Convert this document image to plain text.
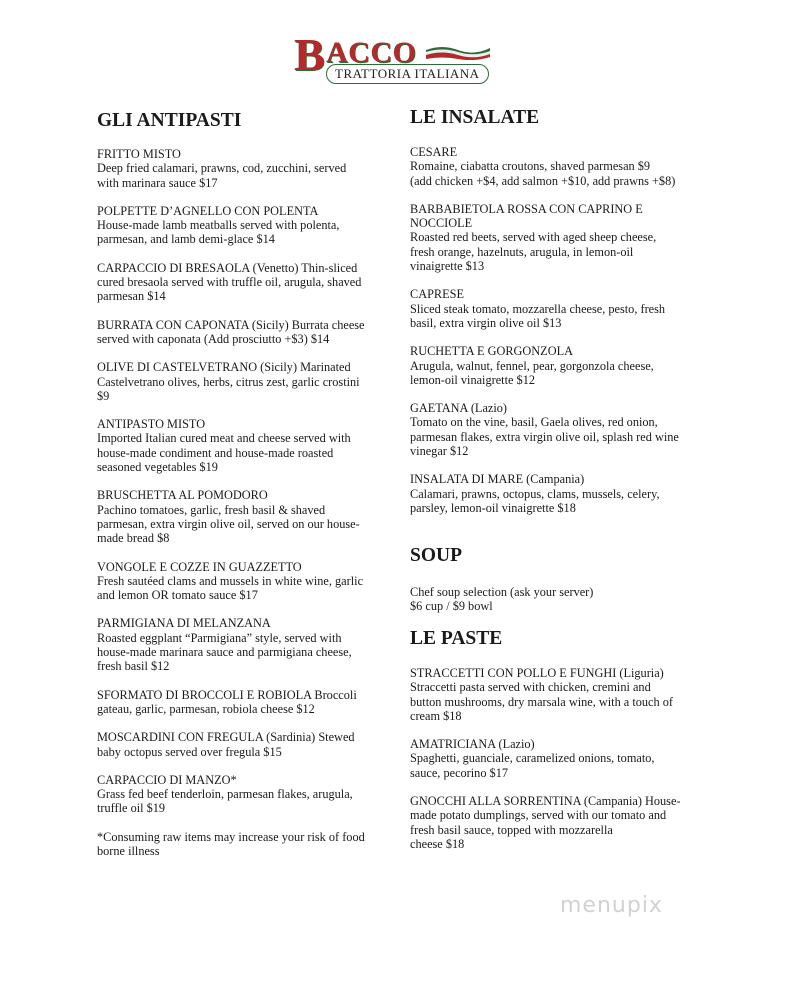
B ACCO
TRATTORIA ITALIANA
GLI ANTIPASTI
FRITTO MISTO
Deep fried calamari, prawns, cod, zucchini, served
with marinara sauce $17
POLPETTE D’AGNELLO CON POLENTA
House-made lamb meatballs served with polenta,
parmesan, and lamb demi-glace $14
CARPACCIO DI BRESAOLA (Venetto) Thin-sliced
cured bresaola served with truffle oil, arugula, shaved
parmesan $14
BURRATA CON CAPONATA (Sicily) Burrata cheese
served with caponata (Add prosciutto +$3) $14
OLIVE DI CASTELVETRANO (Sicily) Marinated
Castelvetrano olives, herbs, citrus zest, garlic crostini
$9
ANTIPASTO MISTO
Imported Italian cured meat and cheese served with
house-made condiment and house-made roasted
seasoned vegetables $19
BRUSCHETTA AL POMODORO
Pachino tomatoes, garlic, fresh basil & shaved
parmesan, extra virgin olive oil, served on our house-
made bread $8
VONGOLE E COZZE IN GUAZZETTO
Fresh sautéed clams and mussels in white wine, garlic
and lemon OR tomato sauce $17
PARMIGIANA DI MELANZANA
Roasted eggplant “Parmigiana” style, served with
house-made marinara sauce and parmigiana cheese,
fresh basil $12
SFORMATO DI BROCCOLI E ROBIOLA Broccoli
gateau, garlic, parmesan, robiola cheese $12
MOSCARDINI CON FREGULA (Sardinia) Stewed
baby octopus served over fregula $15
CARPACCIO DI MANZO*
Grass fed beef tenderloin, parmesan flakes, arugula,
truffle oil $19
*Consuming raw items may increase your risk of food
borne illness
LE INSALATE
CESARE
Romaine, ciabatta croutons, shaved parmesan $9
(add chicken +$4, add salmon +$10, add prawns +$8)
BARBABIETOLA ROSSA CON CAPRINO E
NOCCIOLE
Roasted red beets, served with aged sheep cheese,
fresh orange, hazelnuts, arugula, in lemon-oil
vinaigrette $13
CAPRESE
Sliced steak tomato, mozzarella cheese, pesto, fresh
basil, extra virgin olive oil $13
RUCHETTA E GORGONZOLA
Arugula, walnut, fennel, pear, gorgonzola cheese,
lemon-oil vinaigrette $12
GAETANA (Lazio)
Tomato on the vine, basil, Gaela olives, red onion,
parmesan flakes, extra virgin olive oil, splash red wine
vinegar $12
INSALATA DI MARE (Campania)
Calamari, prawns, octopus, clams, mussels, celery,
parsley, lemon-oil vinaigrette $18
SOUP
Chef soup selection (ask your server)
$6 cup / $9 bowl
LE PASTE
STRACCETTI CON POLLO E FUNGHI (Liguria)
Straccetti pasta served with chicken, cremini and
button mushrooms, dry marsala wine, with a touch of
cream $18
AMATRICIANA (Lazio)
Spaghetti, guanciale, caramelized onions, tomato,
sauce, pecorino $17
GNOCCHI ALLA SORRENTINA (Campania) House-
made potato dumplings, served with our tomato and
fresh basil sauce, topped with mozzarella
cheese $18
menupix
